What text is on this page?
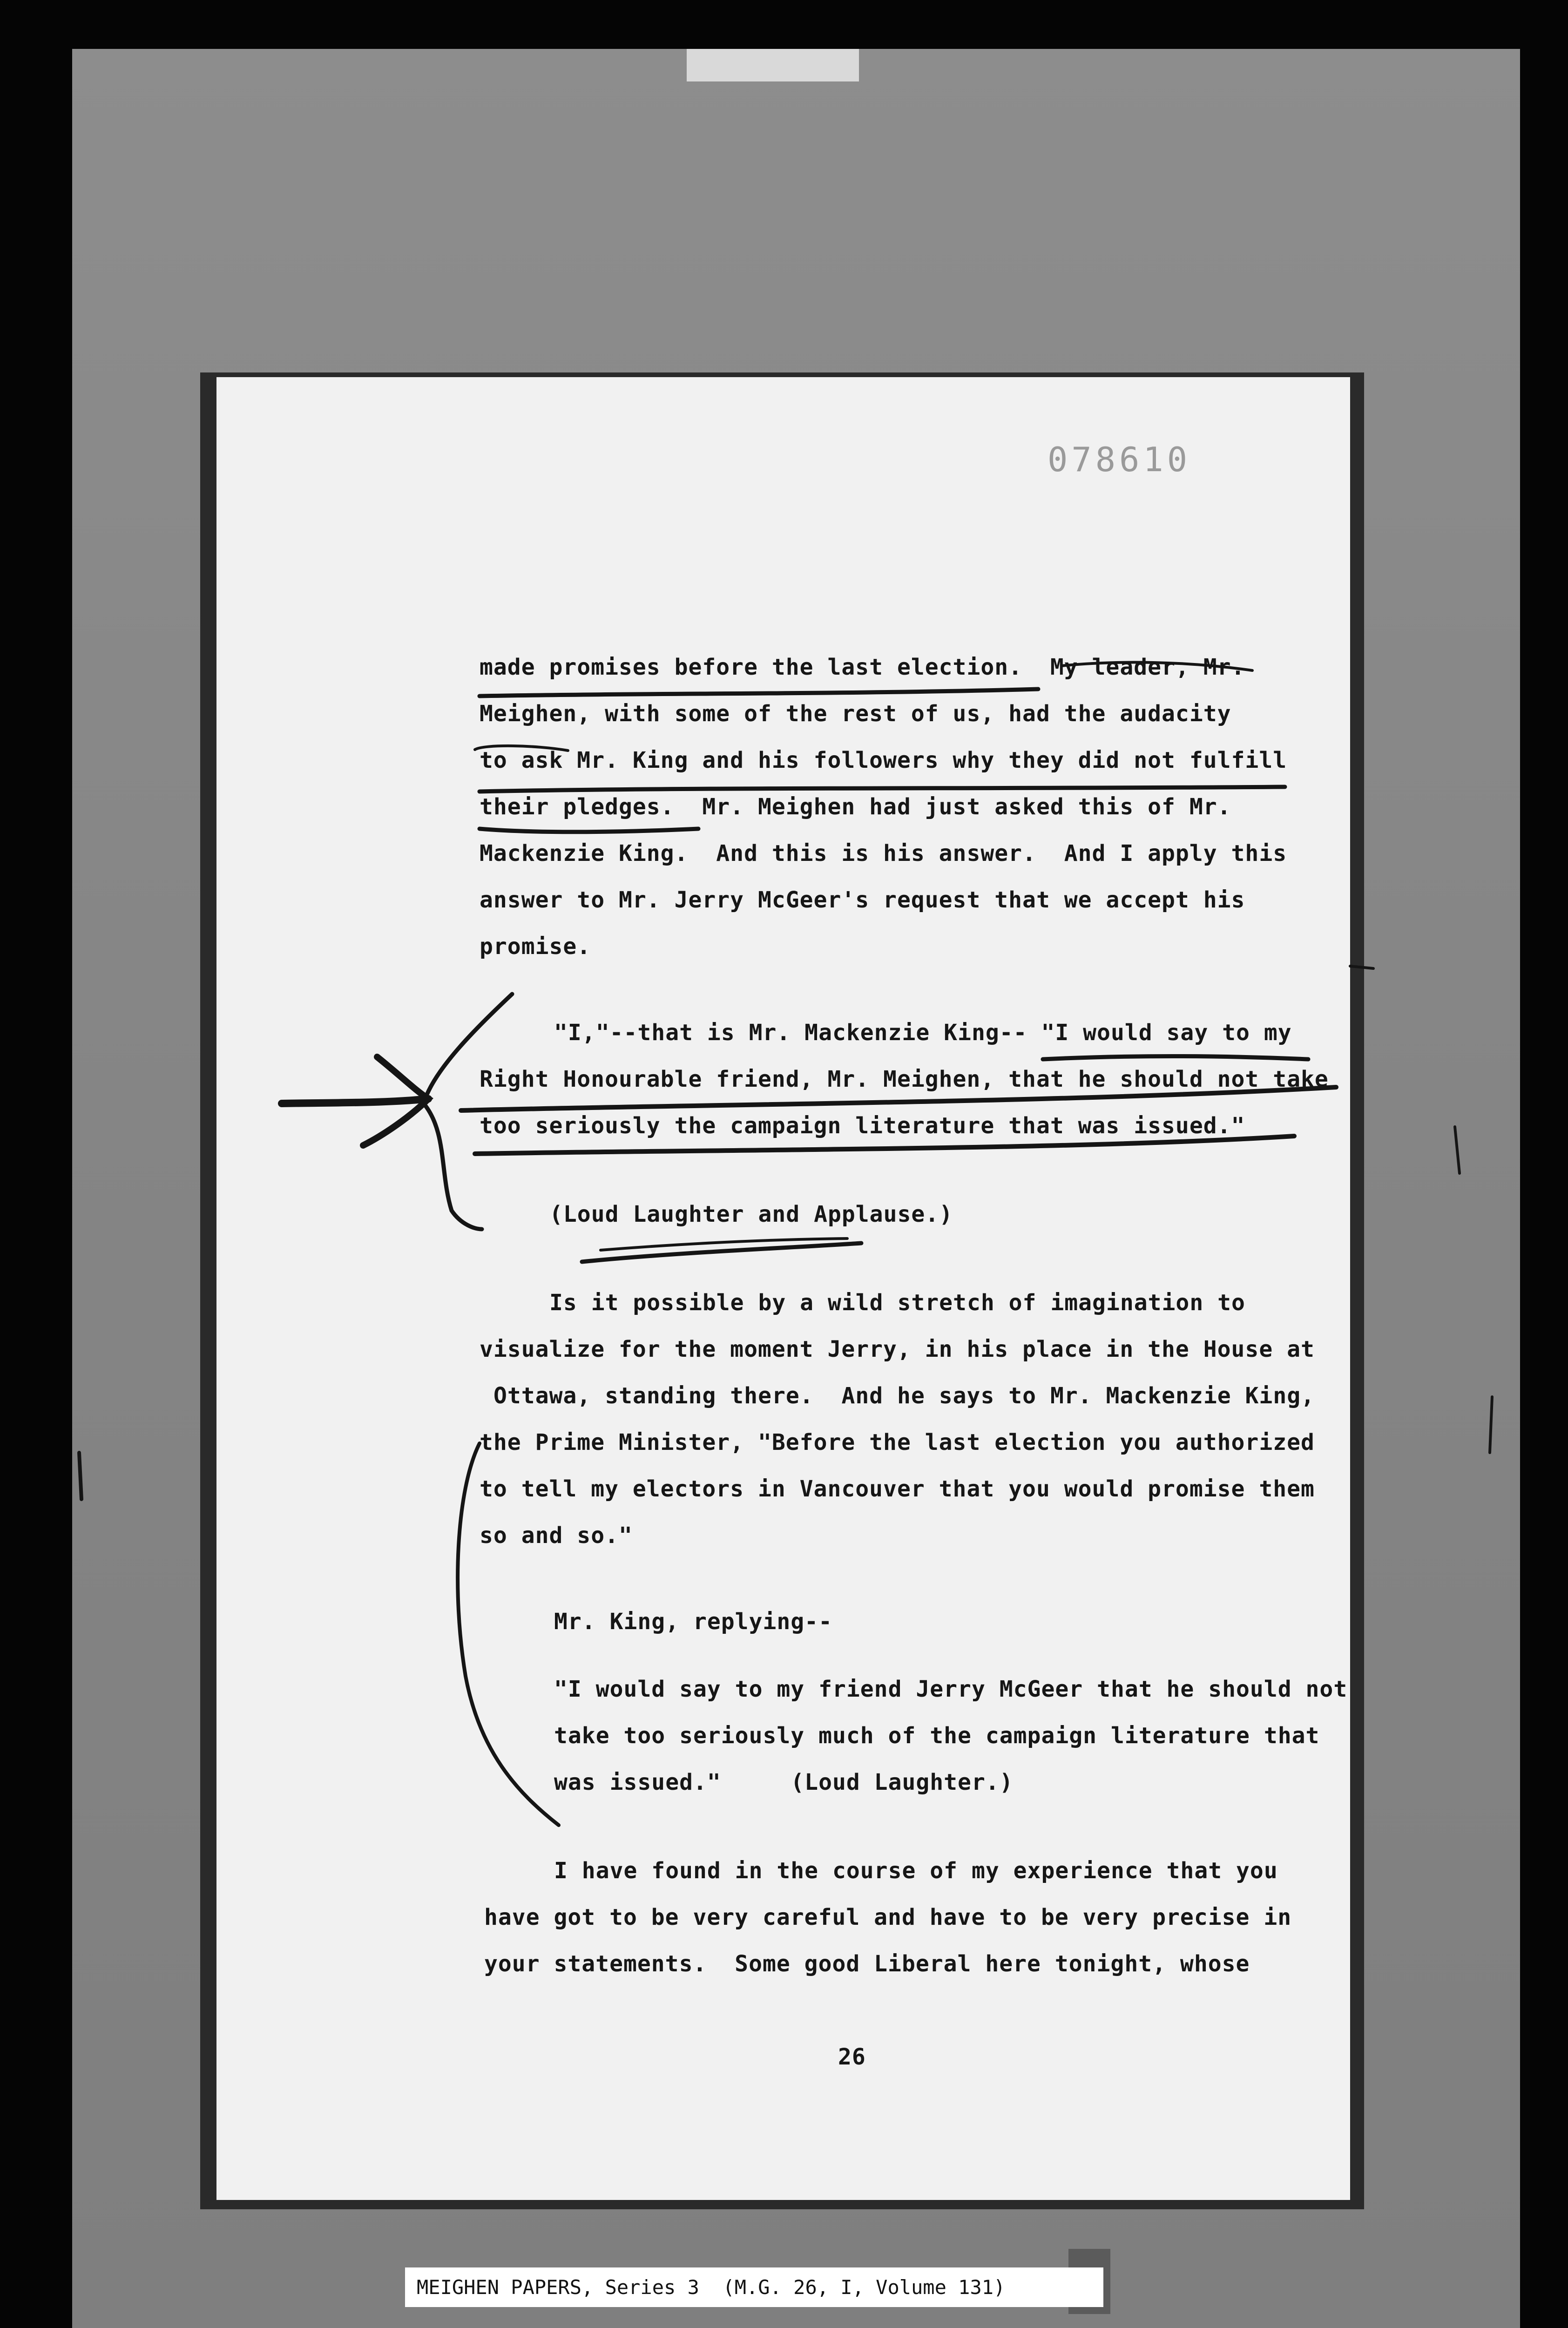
078610
made promises before the last election.  My leader, Mr.
Meighen, with some of the rest of us, had the audacity
to ask Mr. King and his followers why they did not fulfill
their pledges.  Mr. Meighen had just asked this of Mr.
Mackenzie King.  And this is his answer.  And I apply this
answer to Mr. Jerry McGeer's request that we accept his
promise.
"I,"--that is Mr. Mackenzie King-- "I would say to my
Right Honourable friend, Mr. Meighen, that he should not take
too seriously the campaign literature that was issued."
(Loud Laughter and Applause.)
Is it possible by a wild stretch of imagination to
visualize for the moment Jerry, in his place in the House at
Ottawa, standing there.  And he says to Mr. Mackenzie King,
the Prime Minister, "Before the last election you authorized
to tell my electors in Vancouver that you would promise them
so and so."
Mr. King, replying--
"I would say to my friend Jerry McGeer that he should not
take too seriously much of the campaign literature that
was issued."     (Loud Laughter.)
I have found in the course of my experience that you
have got to be very careful and have to be very precise in
your statements.  Some good Liberal here tonight, whose
26
MEIGHEN PAPERS, Series 3  (M.G. 26, I, Volume 131)
